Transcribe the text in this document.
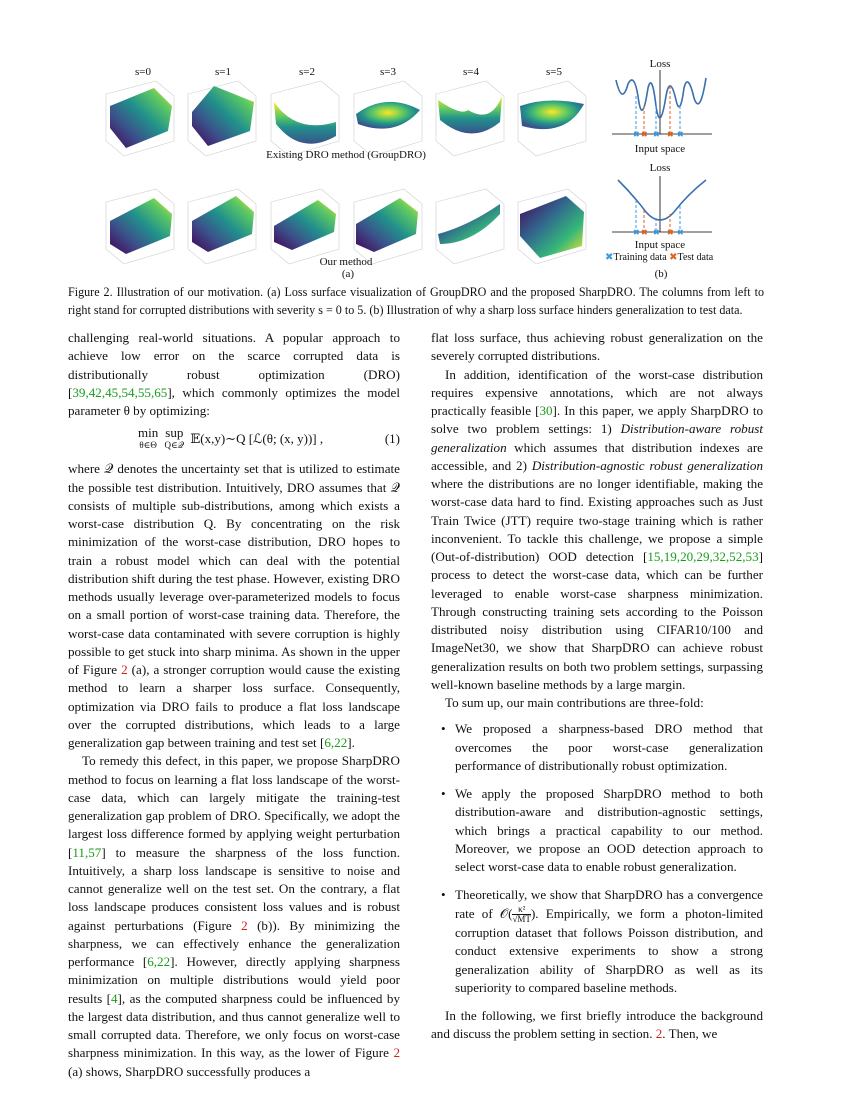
s=0	s=1	s=2	s=3	s=4	s=5
Existing DRO method (GroupDRO)
Our method
(a)
Loss
✖ ✖ ✖ ✖ ✖
Input space
Loss
✖ ✖ ✖ ✖ ✖
Input space
✖Training data ✖Test data
(b)
Figure 2. Illustration of our motivation. (a) Loss surface visualization of GroupDRO and the proposed SharpDRO. The columns from left to right stand for corrupted distributions with severity s = 0 to 5. (b) Illustration of why a sharp loss surface hinders generalization to test data.

challenging real-world situations. A popular approach to achieve low error on the scarce corrupted data is distributionally robust optimization (DRO) [39,42,45,54,55,65], which commonly optimizes the model parameter θ by optimizing:

min
θ∈Θ sup
Q∈𝒬 𝔼(x,y)∼Q [ℒ(θ; (x, y))] ,	(1)

where 𝒬 denotes the uncertainty set that is utilized to estimate the possible test distribution. Intuitively, DRO assumes that 𝒬 consists of multiple sub-distributions, among which exists a worst-case distribution Q. By concentrating on the risk minimization of the worst-case distribution, DRO hopes to train a robust model which can deal with the potential distribution shift during the test phase. However, existing DRO methods usually leverage over-parameterized models to focus on a small portion of worst-case training data. Therefore, the worst-case data contaminated with severe corruption is highly possible to get stuck into sharp minima. As shown in the upper of Figure 2 (a), a stronger corruption would cause the existing method to learn a sharper loss surface. Consequently, optimization via DRO fails to produce a flat loss landscape over the corrupted distributions, which leads to a large generalization gap between training and test set [6,22].

To remedy this defect, in this paper, we propose SharpDRO method to focus on learning a flat loss landscape of the worst-case data, which can largely mitigate the training-test generalization gap problem of DRO. Specifically, we adopt the largest loss difference formed by applying weight perturbation [11,57] to measure the sharpness of the loss function. Intuitively, a sharp loss landscape is sensitive to noise and cannot generalize well on the test set. On the contrary, a flat loss landscape produces consistent loss values and is robust against perturbations (Figure 2 (b)). By minimizing the sharpness, we can effectively enhance the generalization performance [6,22]. However, directly applying sharpness minimization on multiple distributions would yield poor results [4], as the computed sharpness could be influenced by the largest data distribution, and thus cannot generalize well to small corrupted data. Therefore, we only focus on worst-case sharpness minimization. In this way, as the lower of Figure 2 (a) shows, SharpDRO successfully produces a

flat loss surface, thus achieving robust generalization on the severely corrupted distributions.

In addition, identification of the worst-case distribution requires expensive annotations, which are not always practically feasible [30]. In this paper, we apply SharpDRO to solve two problem settings: 1) Distribution-aware robust generalization which assumes that distribution indexes are accessible, and 2) Distribution-agnostic robust generalization where the distributions are no longer identifiable, making the worst-case data hard to find. Existing approaches such as Just Train Twice (JTT) require two-stage training which is rather inconvenient. To tackle this challenge, we propose a simple (Out-of-distribution) OOD detection [15,19,20,29,32,52,53] process to detect the worst-case data, which can be further leveraged to enable worst-case sharpness minimization. Through constructing training sets according to the Poisson distributed noisy distribution using CIFAR10/100 and ImageNet30, we show that SharpDRO can achieve robust generalization results on both two problem settings, surpassing well-known baseline methods by a large margin.

To sum up, our main contributions are three-fold:

• We proposed a sharpness-based DRO method that overcomes the poor worst-case generalization performance of distributionally robust optimization.
• We apply the proposed SharpDRO method to both distribution-aware and distribution-agnostic settings, which brings a practical capability to our method. Moreover, we propose an OOD detection approach to select worst-case data to enable robust generalization.
• Theoretically, we show that SharpDRO has a convergence rate of 𝒪( $\frac{\text{κ²}}{√MT}$ ). Empirically, we form a photon-limited corruption dataset that follows Poisson distribution, and conduct extensive experiments to show a strong generalization ability of SharpDRO as well as its superiority to compared baseline methods.

In the following, we first briefly introduce the background and discuss the problem setting in section. 2. Then, we
